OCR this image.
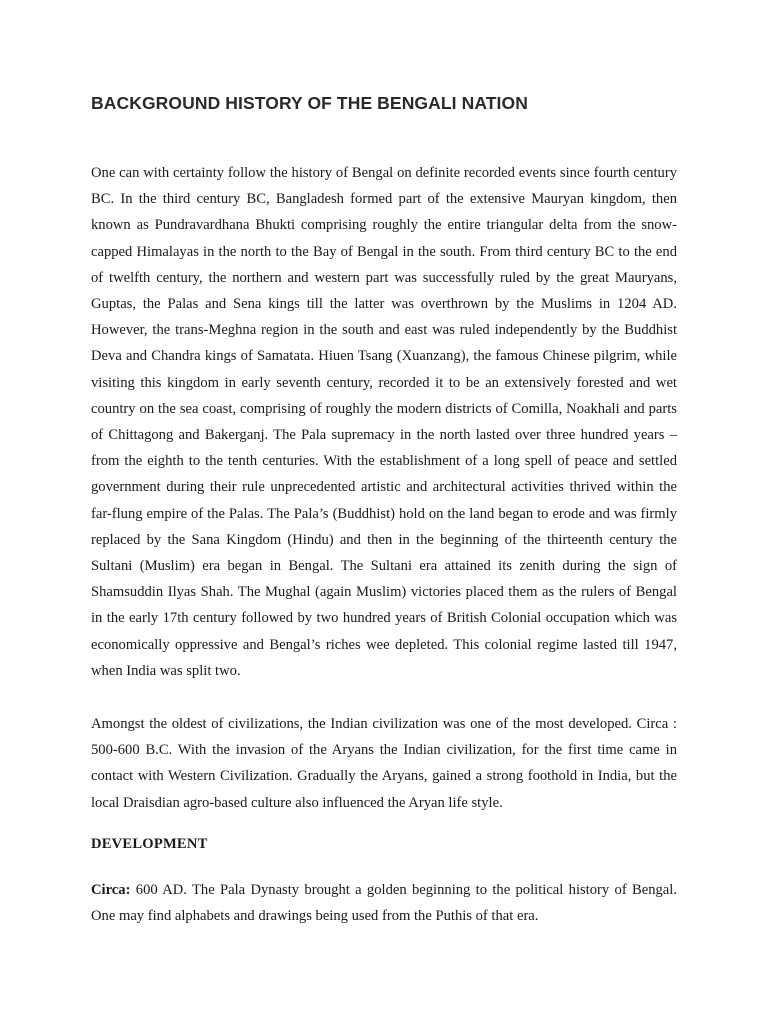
BACKGROUND HISTORY OF THE BENGALI NATION

One can with certainty follow the history of Bengal on definite recorded events since fourth century BC. In the third century BC, Bangladesh formed part of the extensive Mauryan kingdom, then known as Pundravardhana Bhukti comprising roughly the entire triangular delta from the snow-capped Himalayas in the north to the Bay of Bengal in the south. From third century BC to the end of twelfth century, the northern and western part was successfully ruled by the great Mauryans, Guptas, the Palas and Sena kings till the latter was overthrown by the Muslims in 1204 AD. However, the trans-Meghna region in the south and east was ruled independently by the Buddhist Deva and Chandra kings of Samatata. Hiuen Tsang (Xuanzang), the famous Chinese pilgrim, while visiting this kingdom in early seventh century, recorded it to be an extensively forested and wet country on the sea coast, comprising of roughly the modern districts of Comilla, Noakhali and parts of Chittagong and Bakerganj. The Pala supremacy in the north lasted over three hundred years – from the eighth to the tenth centuries. With the establishment of a long spell of peace and settled government during their rule unprecedented artistic and architectural activities thrived within the far-flung empire of the Palas. The Pala’s (Buddhist) hold on the land began to erode and was firmly replaced by the Sana Kingdom (Hindu) and then in the beginning of the thirteenth century the Sultani (Muslim) era began in Bengal. The Sultani era attained its zenith during the sign of Shamsuddin Ilyas Shah. The Mughal (again Muslim) victories placed them as the rulers of Bengal in the early 17th century followed by two hundred years of British Colonial occupation which was economically oppressive and Bengal’s riches wee depleted. This colonial regime lasted till 1947, when India was split two.

Amongst the oldest of civilizations, the Indian civilization was one of the most developed. Circa : 500-600 B.C. With the invasion of the Aryans the Indian civilization, for the first time came in contact with Western Civilization. Gradually the Aryans, gained a strong foothold in India, but the local Draisdian agro-based culture also influenced the Aryan life style.

DEVELOPMENT

Circa: 600 AD. The Pala Dynasty brought a golden beginning to the political history of Bengal. One may find alphabets and drawings being used from the Puthis of that era.
